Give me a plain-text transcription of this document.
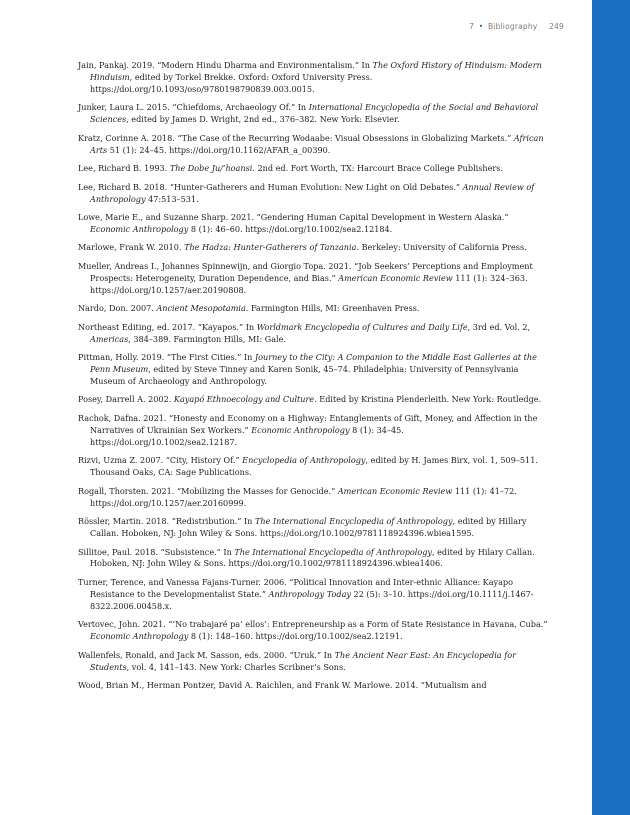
7 • Bibliography 249

Jain, Pankaj. 2019. “Modern Hindu Dharma and Environmentalism.” In The Oxford History of Hinduism: Modern Hinduism, edited by Torkel Brekke. Oxford: Oxford University Press. https://doi.org/10.1093/oso/9780198790839.003.0015.

Junker, Laura L. 2015. “Chiefdoms, Archaeology Of.” In International Encyclopedia of the Social and Behavioral Sciences, edited by James D. Wright, 2nd ed., 376–382. New York: Elsevier.

Kratz, Corinne A. 2018. “The Case of the Recurring Wodaabe: Visual Obsessions in Globalizing Markets.” African Arts 51 (1): 24–45. https://doi.org/10.1162/AFAR_a_00390.

Lee, Richard B. 1993. The Dobe Ju/’hoansi. 2nd ed. Fort Worth, TX: Harcourt Brace College Publishers.

Lee, Richard B. 2018. “Hunter-Gatherers and Human Evolution: New Light on Old Debates.” Annual Review of Anthropology 47:513–531.

Lowe, Marie E., and Suzanne Sharp. 2021. “Gendering Human Capital Development in Western Alaska.” Economic Anthropology 8 (1): 46–60. https://doi.org/10.1002/sea2.12184.

Marlowe, Frank W. 2010. The Hadza: Hunter-Gatherers of Tanzania. Berkeley: University of California Press.

Mueller, Andreas I., Johannes Spinnewijn, and Giorgio Topa. 2021. “Job Seekers’ Perceptions and Employment Prospects: Heterogeneity, Duration Dependence, and Bias.” American Economic Review 111 (1): 324–363. https://doi.org/10.1257/aer.20190808.

Nardo, Don. 2007. Ancient Mesopotamia. Farmington Hills, MI: Greenhaven Press.

Northeast Editing, ed. 2017. “Kayapos.” In Worldmark Encyclopedia of Cultures and Daily Life, 3rd ed. Vol. 2, Americas, 384–389. Farmington Hills, MI: Gale.

Pittman, Holly. 2019. “The First Cities.” In Journey to the City: A Companion to the Middle East Galleries at the Penn Museum, edited by Steve Tinney and Karen Sonik, 45–74. Philadelphia: University of Pennsylvania Museum of Archaeology and Anthropology.

Posey, Darrell A. 2002. Kayapó Ethnoecology and Culture. Edited by Kristina Plenderleith. New York: Routledge.

Rachok, Dafna. 2021. “Honesty and Economy on a Highway: Entanglements of Gift, Money, and Affection in the Narratives of Ukrainian Sex Workers.” Economic Anthropology 8 (1): 34–45. https://doi.org/10.1002/sea2.12187.

Rizvi, Uzma Z. 2007. “City, History Of.” Encyclopedia of Anthropology, edited by H. James Birx, vol. 1, 509–511. Thousand Oaks, CA: Sage Publications.

Rogall, Thorsten. 2021. “Mobilizing the Masses for Genocide.” American Economic Review 111 (1): 41–72. https://doi.org/10.1257/aer.20160999.

Rössler, Martin. 2018. “Redistribution.” In The International Encyclopedia of Anthropology, edited by Hillary Callan. Hoboken, NJ: John Wiley & Sons. https://doi.org/10.1002/9781118924396.wbiea1595.

Sillitoe, Paul. 2018. “Subsistence.” In The International Encyclopedia of Anthropology, edited by Hilary Callan. Hoboken, NJ: John Wiley & Sons. https://doi.org/10.1002/9781118924396.wbiea1406.

Turner, Terence, and Vanessa Fajans-Turner. 2006. “Political Innovation and Inter-ethnic Alliance: Kayapo Resistance to the Developmentalist State.” Anthropology Today 22 (5): 3–10. https://doi.org/10.1111/j.1467-8322.2006.00458.x.

Vertovec, John. 2021. “‘No trabajaré pa’ ellos’: Entrepreneurship as a Form of State Resistance in Havana, Cuba.” Economic Anthropology 8 (1): 148–160. https://doi.org/10.1002/sea2.12191.

Wallenfels, Ronald, and Jack M. Sasson, eds. 2000. “Uruk.” In The Ancient Near East: An Encyclopedia for Students, vol. 4, 141–143. New York: Charles Scribner’s Sons.

Wood, Brian M., Herman Pontzer, David A. Raichlen, and Frank W. Marlowe. 2014. “Mutualism and
